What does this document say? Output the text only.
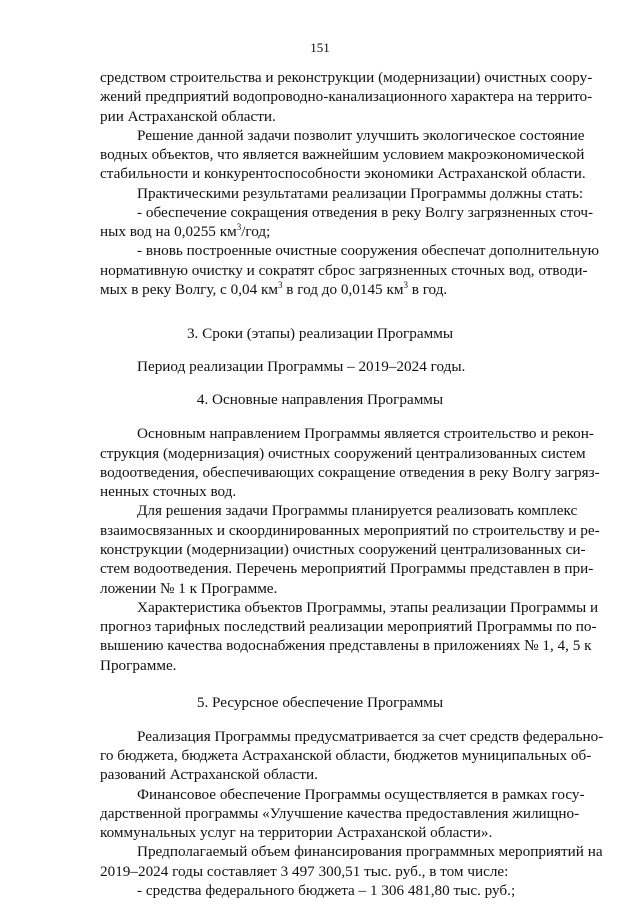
151
средством строительства и реконструкции (модернизации) очистных соору-
жений предприятий водопроводно-канализационного характера на террито-
рии Астраханской области.
Решение данной задачи позволит улучшить экологическое состояние
водных объектов, что является важнейшим условием макроэкономической
стабильности и конкурентоспособности экономики Астраханской области.
Практическими результатами реализации Программы должны стать:
- обеспечение сокращения отведения в реку Волгу загрязненных сточ-
ных вод на 0,0255 $км^3$/год;
- вновь построенные очистные сооружения обеспечат дополнительную
нормативную очистку и сократят сброс загрязненных сточных вод, отводи-
мых в реку Волгу, с 0,04 $км^3$ в год до 0,0145 $км^3$ в год.
3. Сроки (этапы) реализации Программы
Период реализации Программы – 2019–2024 годы.
4. Основные направления Программы
Основным направлением Программы является строительство и рекон-
струкция (модернизация) очистных сооружений централизованных систем
водоотведения, обеспечивающих сокращение отведения в реку Волгу загряз-
ненных сточных вод.
Для решения задачи Программы планируется реализовать комплекс
взаимосвязанных и скоординированных мероприятий по строительству и ре-
конструкции (модернизации) очистных сооружений централизованных си-
стем водоотведения. Перечень мероприятий Программы представлен в при-
ложении № 1 к Программе.
Характеристика объектов Программы, этапы реализации Программы и
прогноз тарифных последствий реализации мероприятий Программы по по-
вышению качества водоснабжения представлены в приложениях № 1, 4, 5 к
Программе.
5. Ресурсное обеспечение Программы
Реализация Программы предусматривается за счет средств федерально-
го бюджета, бюджета Астраханской области, бюджетов муниципальных об-
разований Астраханской области.
Финансовое обеспечение Программы осуществляется в рамках госу-
дарственной программы «Улучшение качества предоставления жилищно-
коммунальных услуг на территории Астраханской области».
Предполагаемый объем финансирования программных мероприятий на
2019–2024 годы составляет 3 497 300,51 тыс. руб., в том числе:
- средства федерального бюджета – 1 306 481,80 тыс. руб.;
